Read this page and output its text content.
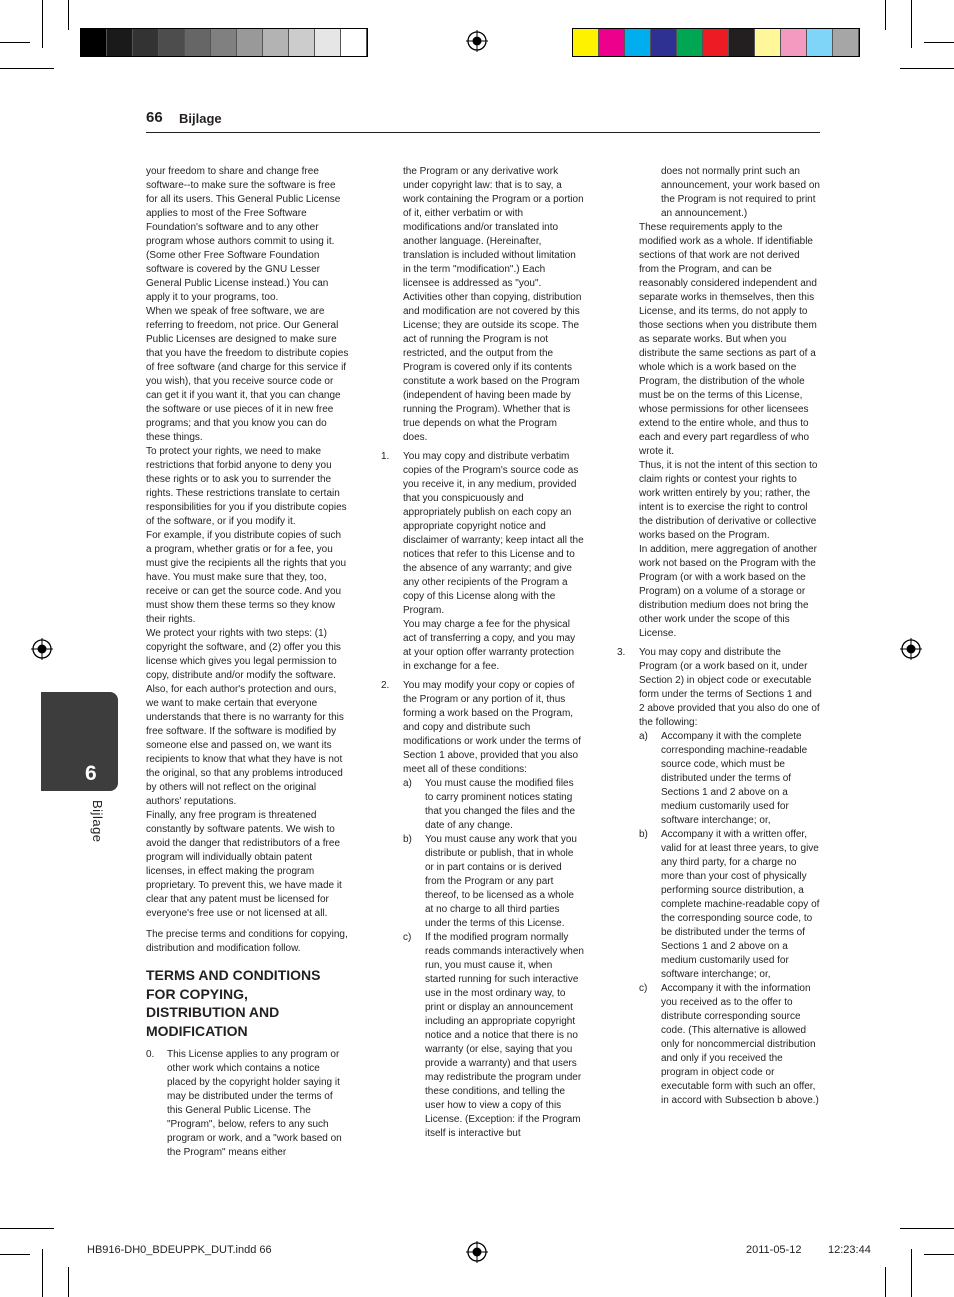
66 Bijlage
6
Bijlage

your freedom to share and change free software--to make sure the software is free for all its users. This General Public License applies to most of the Free Software Foundation's software and to any other program whose authors commit to using it. (Some other Free Software Foundation software is covered by the GNU Lesser General Public License instead.) You can apply it to your programs, too.

When we speak of free software, we are referring to freedom, not price. Our General Public Licenses are designed to make sure that you have the freedom to distribute copies of free software (and charge for this service if you wish), that you receive source code or can get it if you want it, that you can change the software or use pieces of it in new free programs; and that you know you can do these things.

To protect your rights, we need to make restrictions that forbid anyone to deny you these rights or to ask you to surrender the rights. These restrictions translate to certain responsibilities for you if you distribute copies of the software, or if you modify it.

For example, if you distribute copies of such a program, whether gratis or for a fee, you must give the recipients all the rights that you have. You must make sure that they, too, receive or can get the source code. And you must show them these terms so they know their rights.

We protect your rights with two steps: (1) copyright the software, and (2) offer you this license which gives you legal permission to copy, distribute and/or modify the software.

Also, for each author's protection and ours, we want to make certain that everyone understands that there is no warranty for this free software. If the software is modified by someone else and passed on, we want its recipients to know that what they have is not the original, so that any problems introduced by others will not reflect on the original authors' reputations.

Finally, any free program is threatened constantly by software patents. We wish to avoid the danger that redistributors of a free program will individually obtain patent licenses, in effect making the program proprietary. To prevent this, we have made it clear that any patent must be licensed for everyone's free use or not licensed at all.

The precise terms and conditions for copying, distribution and modification follow.

TERMS AND CONDITIONS FOR COPYING, DISTRIBUTION AND MODIFICATION
0. This License applies to any program or other work which contains a notice placed by the copyright holder saying it may be distributed under the terms of this General Public License. The "Program", below, refers to any such program or work, and a "work based on the Program" means either

the Program or any derivative work under copyright law: that is to say, a work containing the Program or a portion of it, either verbatim or with modifications and/or translated into another language. (Hereinafter, translation is included without limitation in the term "modification".) Each licensee is addressed as "you".

Activities other than copying, distribution and modification are not covered by this License; they are outside its scope. The act of running the Program is not restricted, and the output from the Program is covered only if its contents constitute a work based on the Program (independent of having been made by running the Program). Whether that is true depends on what the Program does.

1. You may copy and distribute verbatim copies of the Program's source code as you receive it, in any medium, provided that you conspicuously and appropriately publish on each copy an appropriate copyright notice and disclaimer of warranty; keep intact all the notices that refer to this License and to the absence of any warranty; and give any other recipients of the Program a copy of this License along with the Program.

You may charge a fee for the physical act of transferring a copy, and you may at your option offer warranty protection in exchange for a fee.

2. You may modify your copy or copies of the Program or any portion of it, thus forming a work based on the Program, and copy and distribute such modifications or work under the terms of Section 1 above, provided that you also meet all of these conditions:
a) You must cause the modified files to carry prominent notices stating that you changed the files and the date of any change.
b) You must cause any work that you distribute or publish, that in whole or in part contains or is derived from the Program or any part thereof, to be licensed as a whole at no charge to all third parties under the terms of this License.
c) If the modified program normally reads commands interactively when run, you must cause it, when started running for such interactive use in the most ordinary way, to print or display an announcement including an appropriate copyright notice and a notice that there is no warranty (or else, saying that you provide a warranty) and that users may redistribute the program under these conditions, and telling the user how to view a copy of this License. (Exception: if the Program itself is interactive but

does not normally print such an announcement, your work based on the Program is not required to print an announcement.)

These requirements apply to the modified work as a whole. If identifiable sections of that work are not derived from the Program, and can be reasonably considered independent and separate works in themselves, then this License, and its terms, do not apply to those sections when you distribute them as separate works. But when you distribute the same sections as part of a whole which is a work based on the Program, the distribution of the whole must be on the terms of this License, whose permissions for other licensees extend to the entire whole, and thus to each and every part regardless of who wrote it.

Thus, it is not the intent of this section to claim rights or contest your rights to work written entirely by you; rather, the intent is to exercise the right to control the distribution of derivative or collective works based on the Program.

In addition, mere aggregation of another work not based on the Program with the Program (or with a work based on the Program) on a volume of a storage or distribution medium does not bring the other work under the scope of this License.

3. You may copy and distribute the Program (or a work based on it, under Section 2) in object code or executable form under the terms of Sections 1 and 2 above provided that you also do one of the following:
a) Accompany it with the complete corresponding machine-readable source code, which must be distributed under the terms of Sections 1 and 2 above on a medium customarily used for software interchange; or,
b) Accompany it with a written offer, valid for at least three years, to give any third party, for a charge no more than your cost of physically performing source distribution, a complete machine-readable copy of the corresponding source code, to be distributed under the terms of Sections 1 and 2 above on a medium customarily used for software interchange; or,
c) Accompany it with the information you received as to the offer to distribute corresponding source code. (This alternative is allowed only for noncommercial distribution and only if you received the program in object code or executable form with such an offer, in accord with Subsection b above.)
HB916-DH0_BDEUPPK_DUT.indd 66	2011-05-12 12:23:44
